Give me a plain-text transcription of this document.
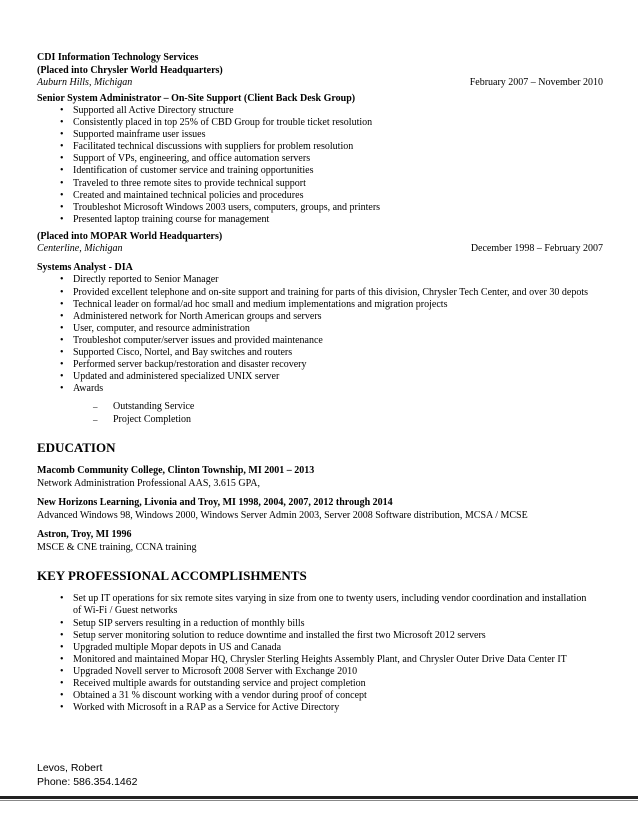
CDI Information Technology Services
(Placed into Chrysler World Headquarters)
Auburn Hills, Michigan	February 2007 – November 2010
Senior System Administrator – On-Site Support (Client Back Desk Group)
• Supported all Active Directory structure
• Consistently placed in top 25% of CBD Group for trouble ticket resolution
• Supported mainframe user issues
• Facilitated technical discussions with suppliers for problem resolution
• Support of VPs, engineering, and office automation servers
• Identification of customer service and training opportunities
• Traveled to three remote sites to provide technical support
• Created and maintained technical policies and procedures
• Troubleshot Microsoft Windows 2003 users, computers, groups, and printers
• Presented laptop training course for management
(Placed into MOPAR World Headquarters)
Centerline, Michigan	December 1998 – February 2007
Systems Analyst - DIA
• Directly reported to Senior Manager
• Provided excellent telephone and on-site support and training for parts of this division, Chrysler Tech Center, and over 30 depots
• Technical leader on formal/ad hoc small and medium implementations and migration projects
• Administered network for North American groups and servers
• User, computer, and resource administration
• Troubleshot computer/server issues and provided maintenance
• Supported Cisco, Nortel, and Bay switches and routers
• Performed server backup/restoration and disaster recovery
• Updated and administered specialized UNIX server
• Awards
– Outstanding Service
– Project Completion
EDUCATION
Macomb Community College, Clinton Township, MI 2001 – 2013
Network Administration Professional AAS, 3.615 GPA,
New Horizons Learning, Livonia and Troy, MI 1998, 2004, 2007, 2012 through 2014
Advanced Windows 98, Windows 2000, Windows Server Admin 2003, Server 2008 Software distribution, MCSA / MCSE
Astron, Troy, MI 1996
MSCE & CNE training, CCNA training
KEY PROFESSIONAL ACCOMPLISHMENTS
• Set up IT operations for six remote sites varying in size from one to twenty users, including vendor coordination and installation of Wi-Fi / Guest networks
• Setup SIP servers resulting in a reduction of monthly bills
• Setup server monitoring solution to reduce downtime and installed the first two Microsoft 2012 servers
• Upgraded multiple Mopar depots in US and Canada
• Monitored and maintained Mopar HQ, Chrysler Sterling Heights Assembly Plant, and Chrysler Outer Drive Data Center IT
• Upgraded Novell server to Microsoft 2008 Server with Exchange 2010
• Received multiple awards for outstanding service and project completion
• Obtained a 31 % discount working with a vendor during proof of concept
• Worked with Microsoft in a RAP as a Service for Active Directory
Levos, Robert
Phone: 586.354.1462
